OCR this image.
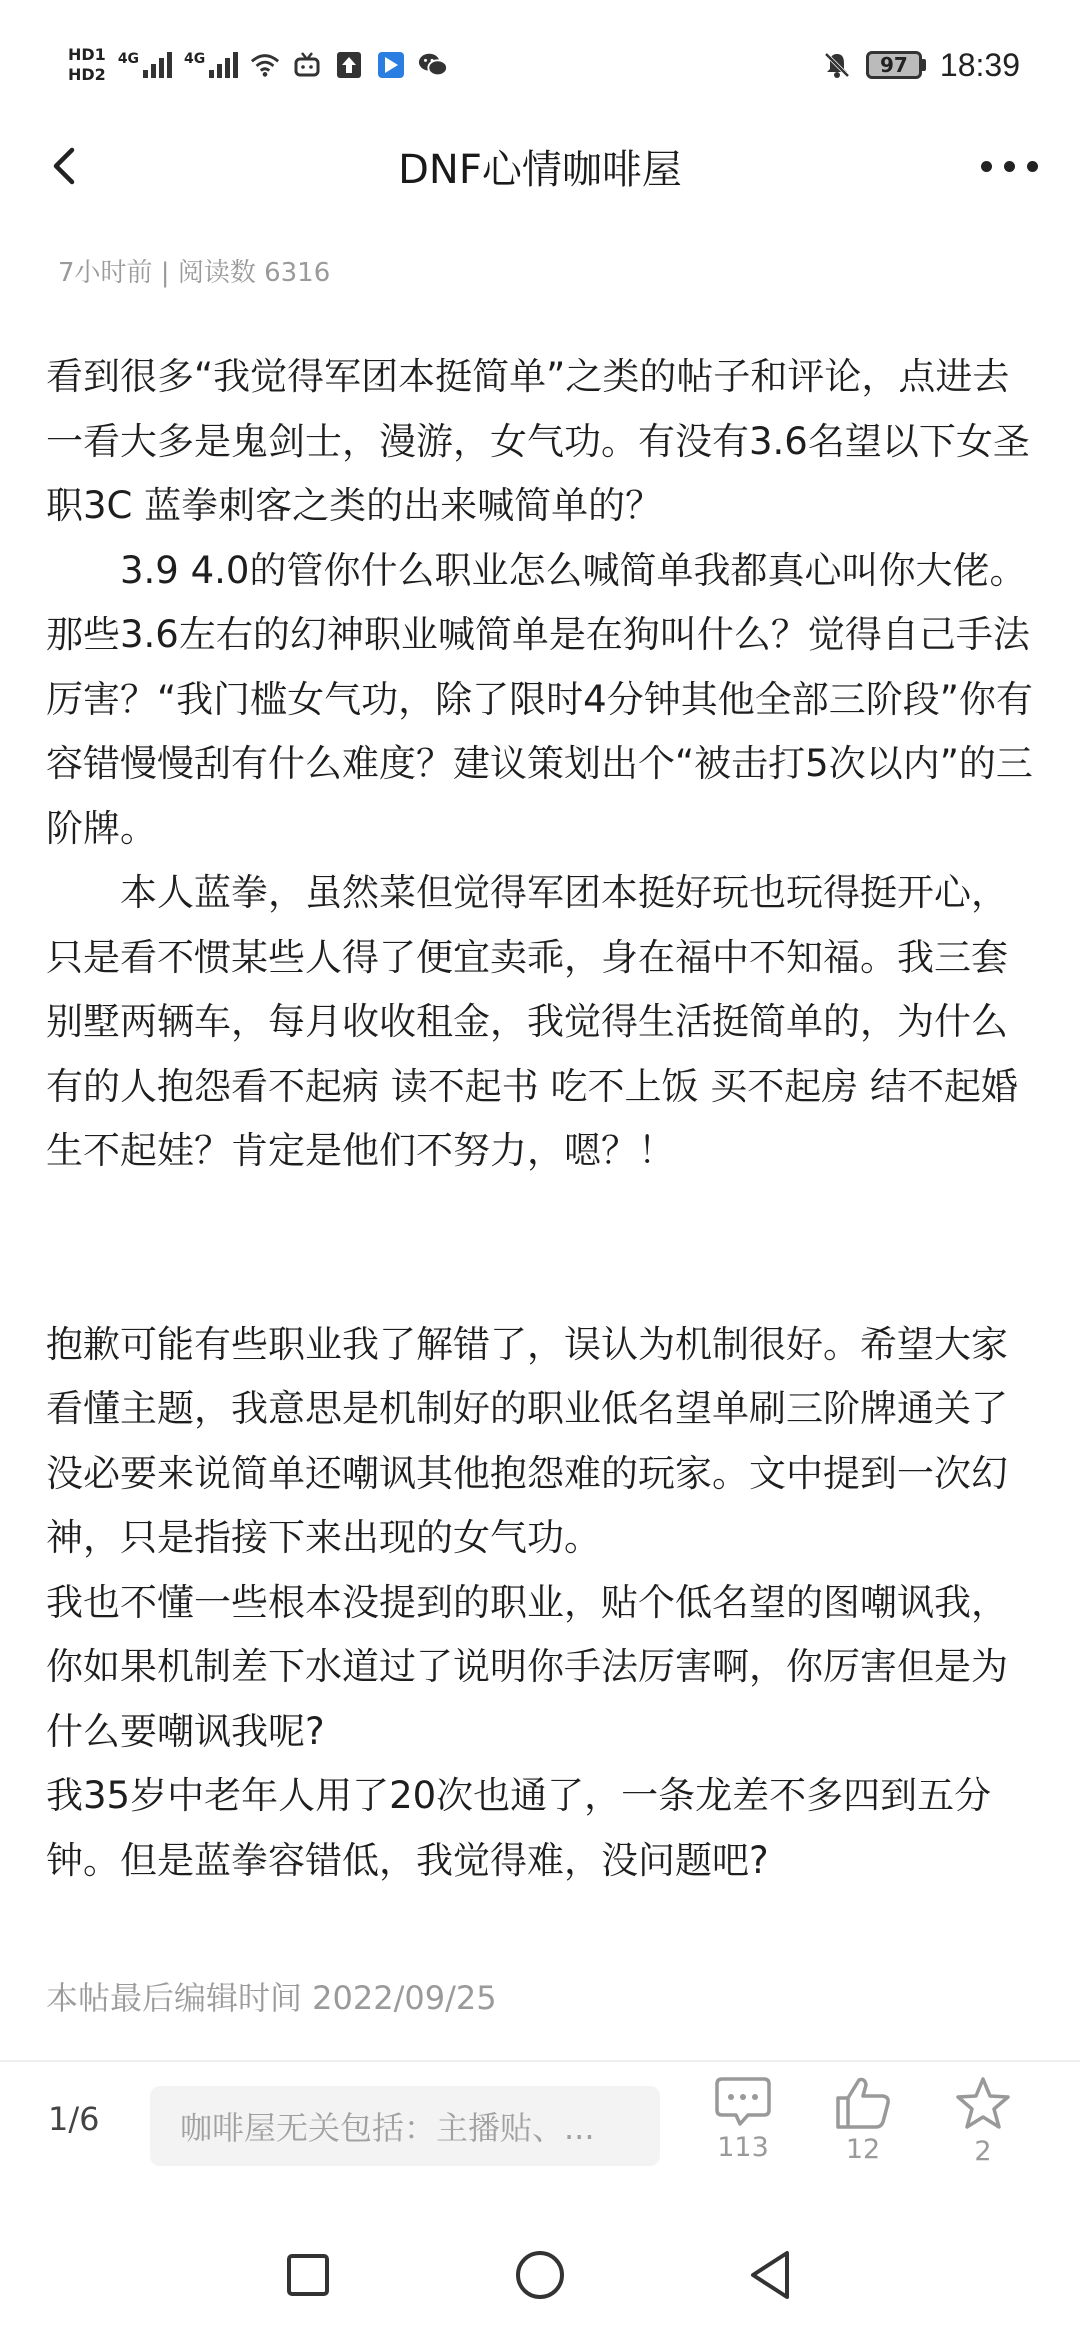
HD1
HD2
4G	4G	97	18:39
DNF心情咖啡屋
7小时前 | 阅读数 6316

看到很多“我觉得军团本挺简单”之类的帖子和评论，点进去一看大多是鬼剑士，漫游，女气功。有没有3.6名望以下女圣职3C 蓝拳刺客之类的出来喊简单的？

　　3.9 4.0的管你什么职业怎么喊简单我都真心叫你大佬。那些3.6左右的幻神职业喊简单是在狗叫什么？觉得自己手法厉害？“我门槛女气功，除了限时4分钟其他全部三阶段”你有容错慢慢刮有什么难度？建议策划出个“被击打5次以内”的三阶牌。

　　本人蓝拳，虽然菜但觉得军团本挺好玩也玩得挺开心，只是看不惯某些人得了便宜卖乖，身在福中不知福。我三套别墅两辆车，每月收收租金，我觉得生活挺简单的，为什么有的人抱怨看不起病 读不起书 吃不上饭 买不起房 结不起婚 生不起娃？肯定是他们不努力，嗯？！

抱歉可能有些职业我了解错了，误认为机制很好。希望大家看懂主题，我意思是机制好的职业低名望单刷三阶牌通关了没必要来说简单还嘲讽其他抱怨难的玩家。文中提到一次幻神，只是指接下来出现的女气功。

我也不懂一些根本没提到的职业，贴个低名望的图嘲讽我，你如果机制差下水道过了说明你手法厉害啊，你厉害但是为什么要嘲讽我呢?

我35岁中老年人用了20次也通了，一条龙差不多四到五分钟。但是蓝拳容错低，我觉得难，没问题吧?

本帖最后编辑时间 2022/09/25
1/6	咖啡屋无关包括：主播贴、...
113	12	2
